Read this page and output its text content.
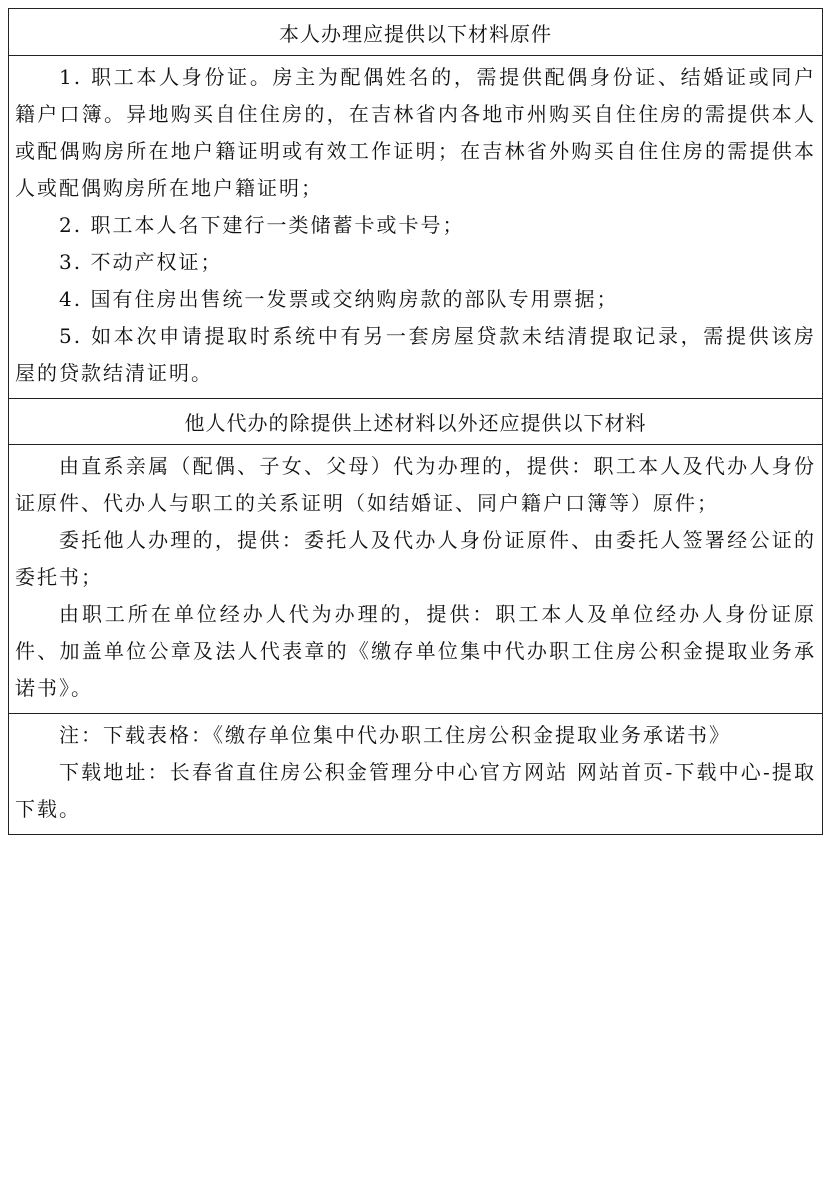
本人办理应提供以下材料原件

1. 职工本人身份证。房主为配偶姓名的，需提供配偶身份证、结婚证或同户籍户口簿。异地购买自住住房的，在吉林省内各地市州购买自住住房的需提供本人或配偶购房所在地户籍证明或有效工作证明；在吉林省外购买自住住房的需提供本人或配偶购房所在地户籍证明；

2. 职工本人名下建行一类储蓄卡或卡号；

3. 不动产权证；

4. 国有住房出售统一发票或交纳购房款的部队专用票据；

5. 如本次申请提取时系统中有另一套房屋贷款未结清提取记录，需提供该房屋的贷款结清证明。

他人代办的除提供上述材料以外还应提供以下材料

由直系亲属（配偶、子女、父母）代为办理的，提供：职工本人及代办人身份证原件、代办人与职工的关系证明（如结婚证、同户籍户口簿等）原件；

委托他人办理的，提供：委托人及代办人身份证原件、由委托人签署经公证的委托书；

由职工所在单位经办人代为办理的，提供：职工本人及单位经办人身份证原件、加盖单位公章及法人代表章的《缴存单位集中代办职工住房公积金提取业务承诺书》。

注：下载表格：《缴存单位集中代办职工住房公积金提取业务承诺书》

下载地址：长春省直住房公积金管理分中心官方网站 网站首页-下载中心-提取下载。
